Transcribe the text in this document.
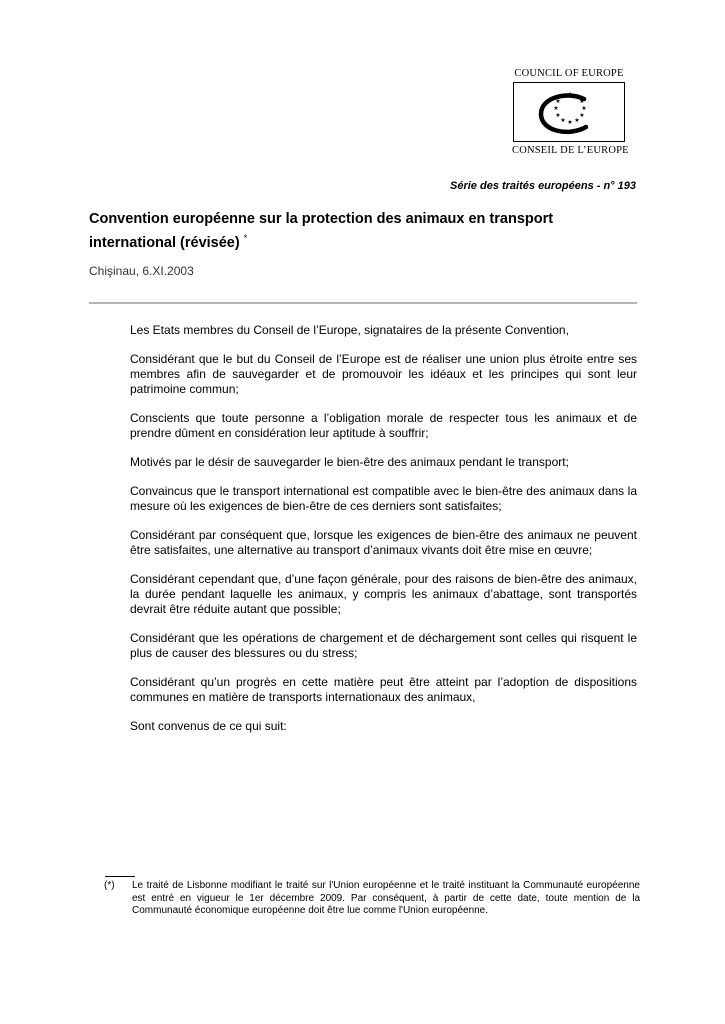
COUNCIL OF EUROPE
★ ★
★
★
★
★
★
★
★
★
★
★
CONSEIL DE L’EUROPE
Série des traités européens - n° 193
Convention européenne sur la protection des animaux en transport international (révisée) *
Chişinau, 6.XI.2003

Les Etats membres du Conseil de l’Europe, signataires de la présente Convention,

Considérant que le but du Conseil de l’Europe est de réaliser une union plus étroite entre ses membres afin de sauvegarder et de promouvoir les idéaux et les principes qui sont leur patrimoine commun;

Conscients que toute personne a l’obligation morale de respecter tous les animaux et de prendre dûment en considération leur aptitude à souffrir;

Motivés par le désir de sauvegarder le bien-être des animaux pendant le transport;

Convaincus que le transport international est compatible avec le bien-être des animaux dans la mesure où les exigences de bien-être de ces derniers sont satisfaites;

Considérant par conséquent que, lorsque les exigences de bien-être des animaux ne peuvent être satisfaites, une alternative au transport d’animaux vivants doit être mise en œuvre;

Considérant cependant que, d’une façon générale, pour des raisons de bien-être des animaux, la durée pendant laquelle les animaux, y compris les animaux d’abattage, sont transportés devrait être réduite autant que possible;

Considérant que les opérations de chargement et de déchargement sont celles qui risquent le plus de causer des blessures ou du stress;

Considérant qu’un progrès en cette matière peut être atteint par l’adoption de dispositions communes en matière de transports internationaux des animaux,

Sont convenus de ce qui suit:

(*) Le traité de Lisbonne modifiant le traité sur l'Union européenne et le traité instituant la Communauté européenne est entré en vigueur le 1er décembre 2009. Par conséquent, à partir de cette date, toute mention de la Communauté économique européenne doit être lue comme l'Union européenne.
